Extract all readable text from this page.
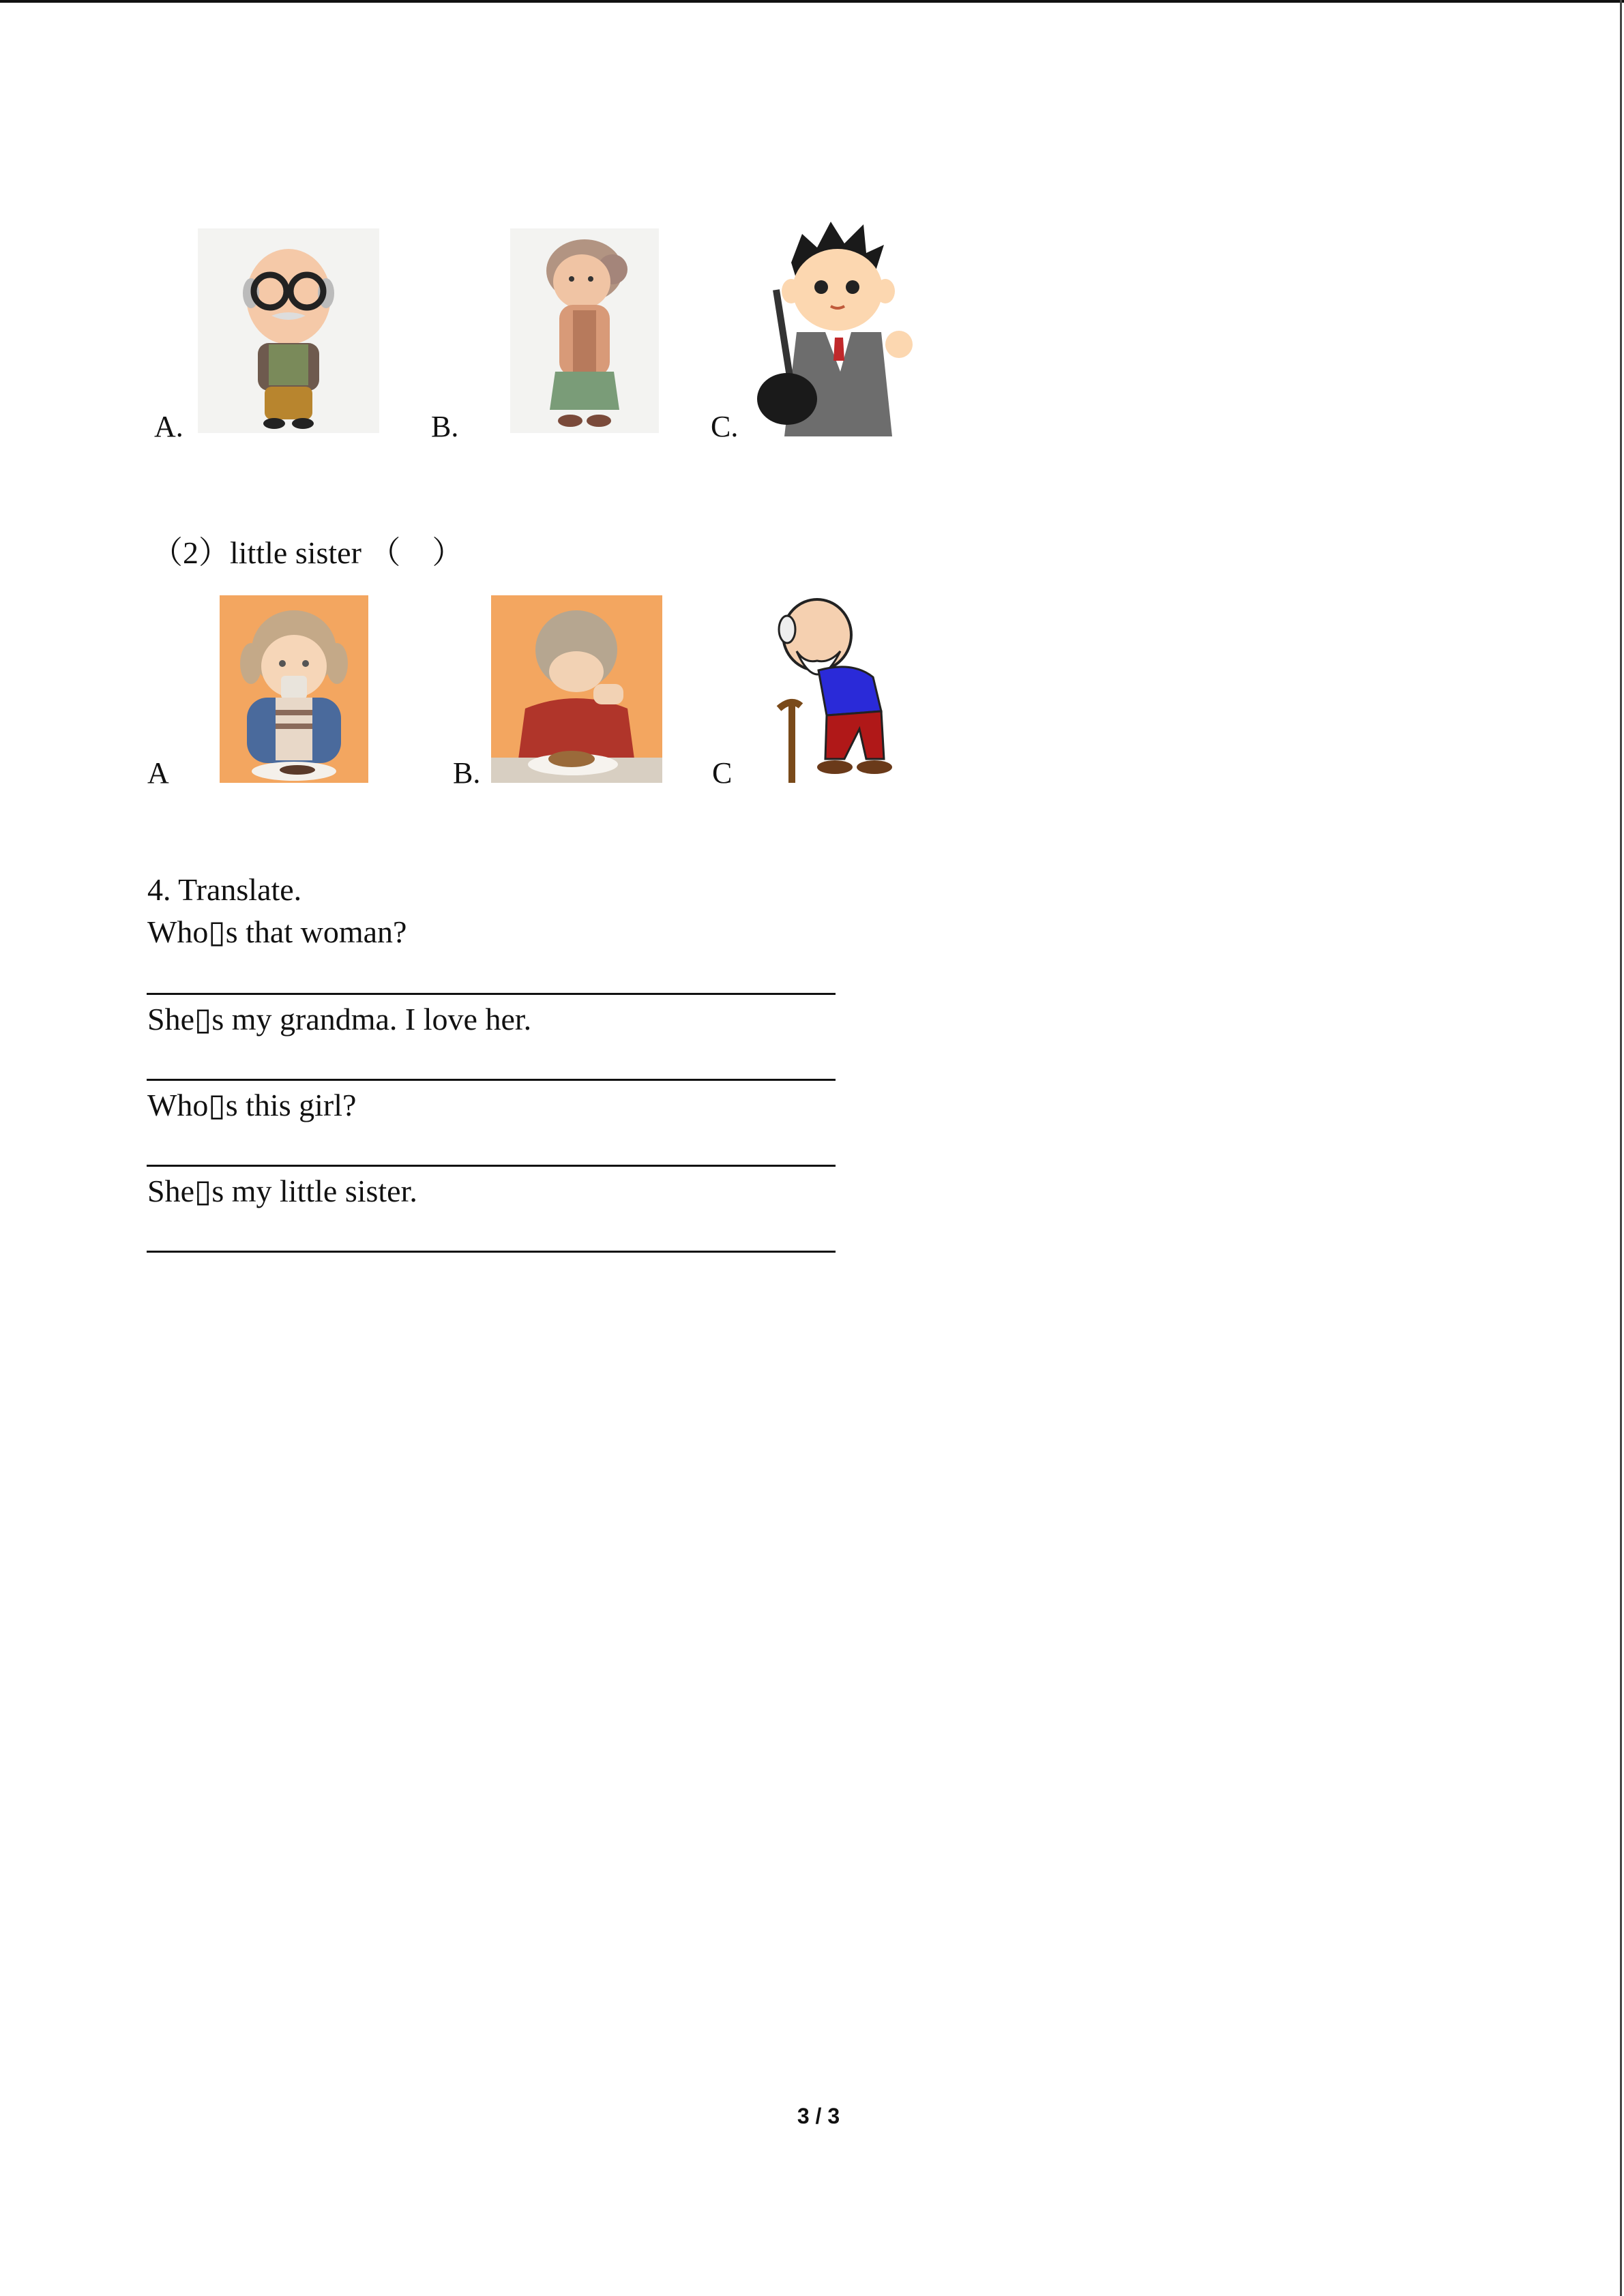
A.	B.	C.
（2）little sister （　）
A	B.	C
4. Translate.
Who▯s that woman?
She▯s my grandma. I love her.
Who▯s this girl?
She▯s my little sister.
3 / 3
